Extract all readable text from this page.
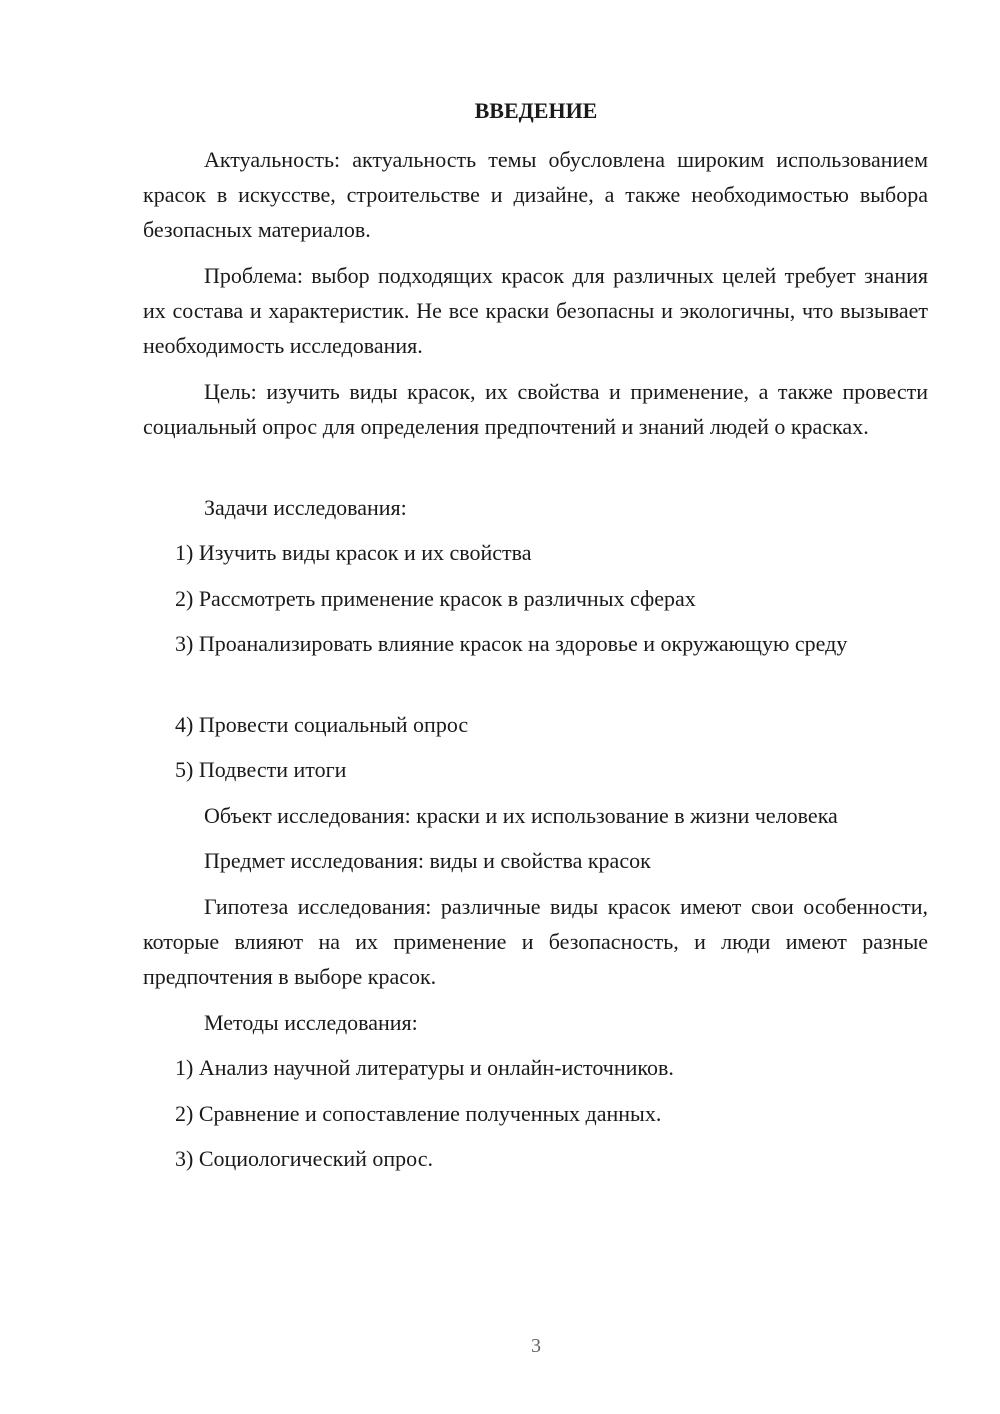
ВВЕДЕНИЕ

Актуальность: актуальность темы обусловлена широким использованием красок в искусстве, строительстве и дизайне, а также необходимостью выбора безопасных материалов.

Проблема: выбор подходящих красок для различных целей требует знания их состава и характеристик. Не все краски безопасны и экологичны, что вызывает необходимость исследования.

Цель: изучить виды красок, их свойства и применение, а также провести социальный опрос для определения предпочтений и знаний людей о красках.

Задачи исследования:

1) Изучить виды красок и их свойства

2) Рассмотреть применение красок в различных сферах

3) Проанализировать влияние красок на здоровье и окружающую среду

4) Провести социальный опрос

5) Подвести итоги

Объект исследования: краски и их использование в жизни человека

Предмет исследования: виды и свойства красок

Гипотеза исследования: различные виды красок имеют свои особенности, которые влияют на их применение и безопасность, и люди имеют разные предпочтения в выборе красок.

Методы исследования:

1) Анализ научной литературы и онлайн-источников.

2) Сравнение и сопоставление полученных данных.

3) Социологический опрос.

3
